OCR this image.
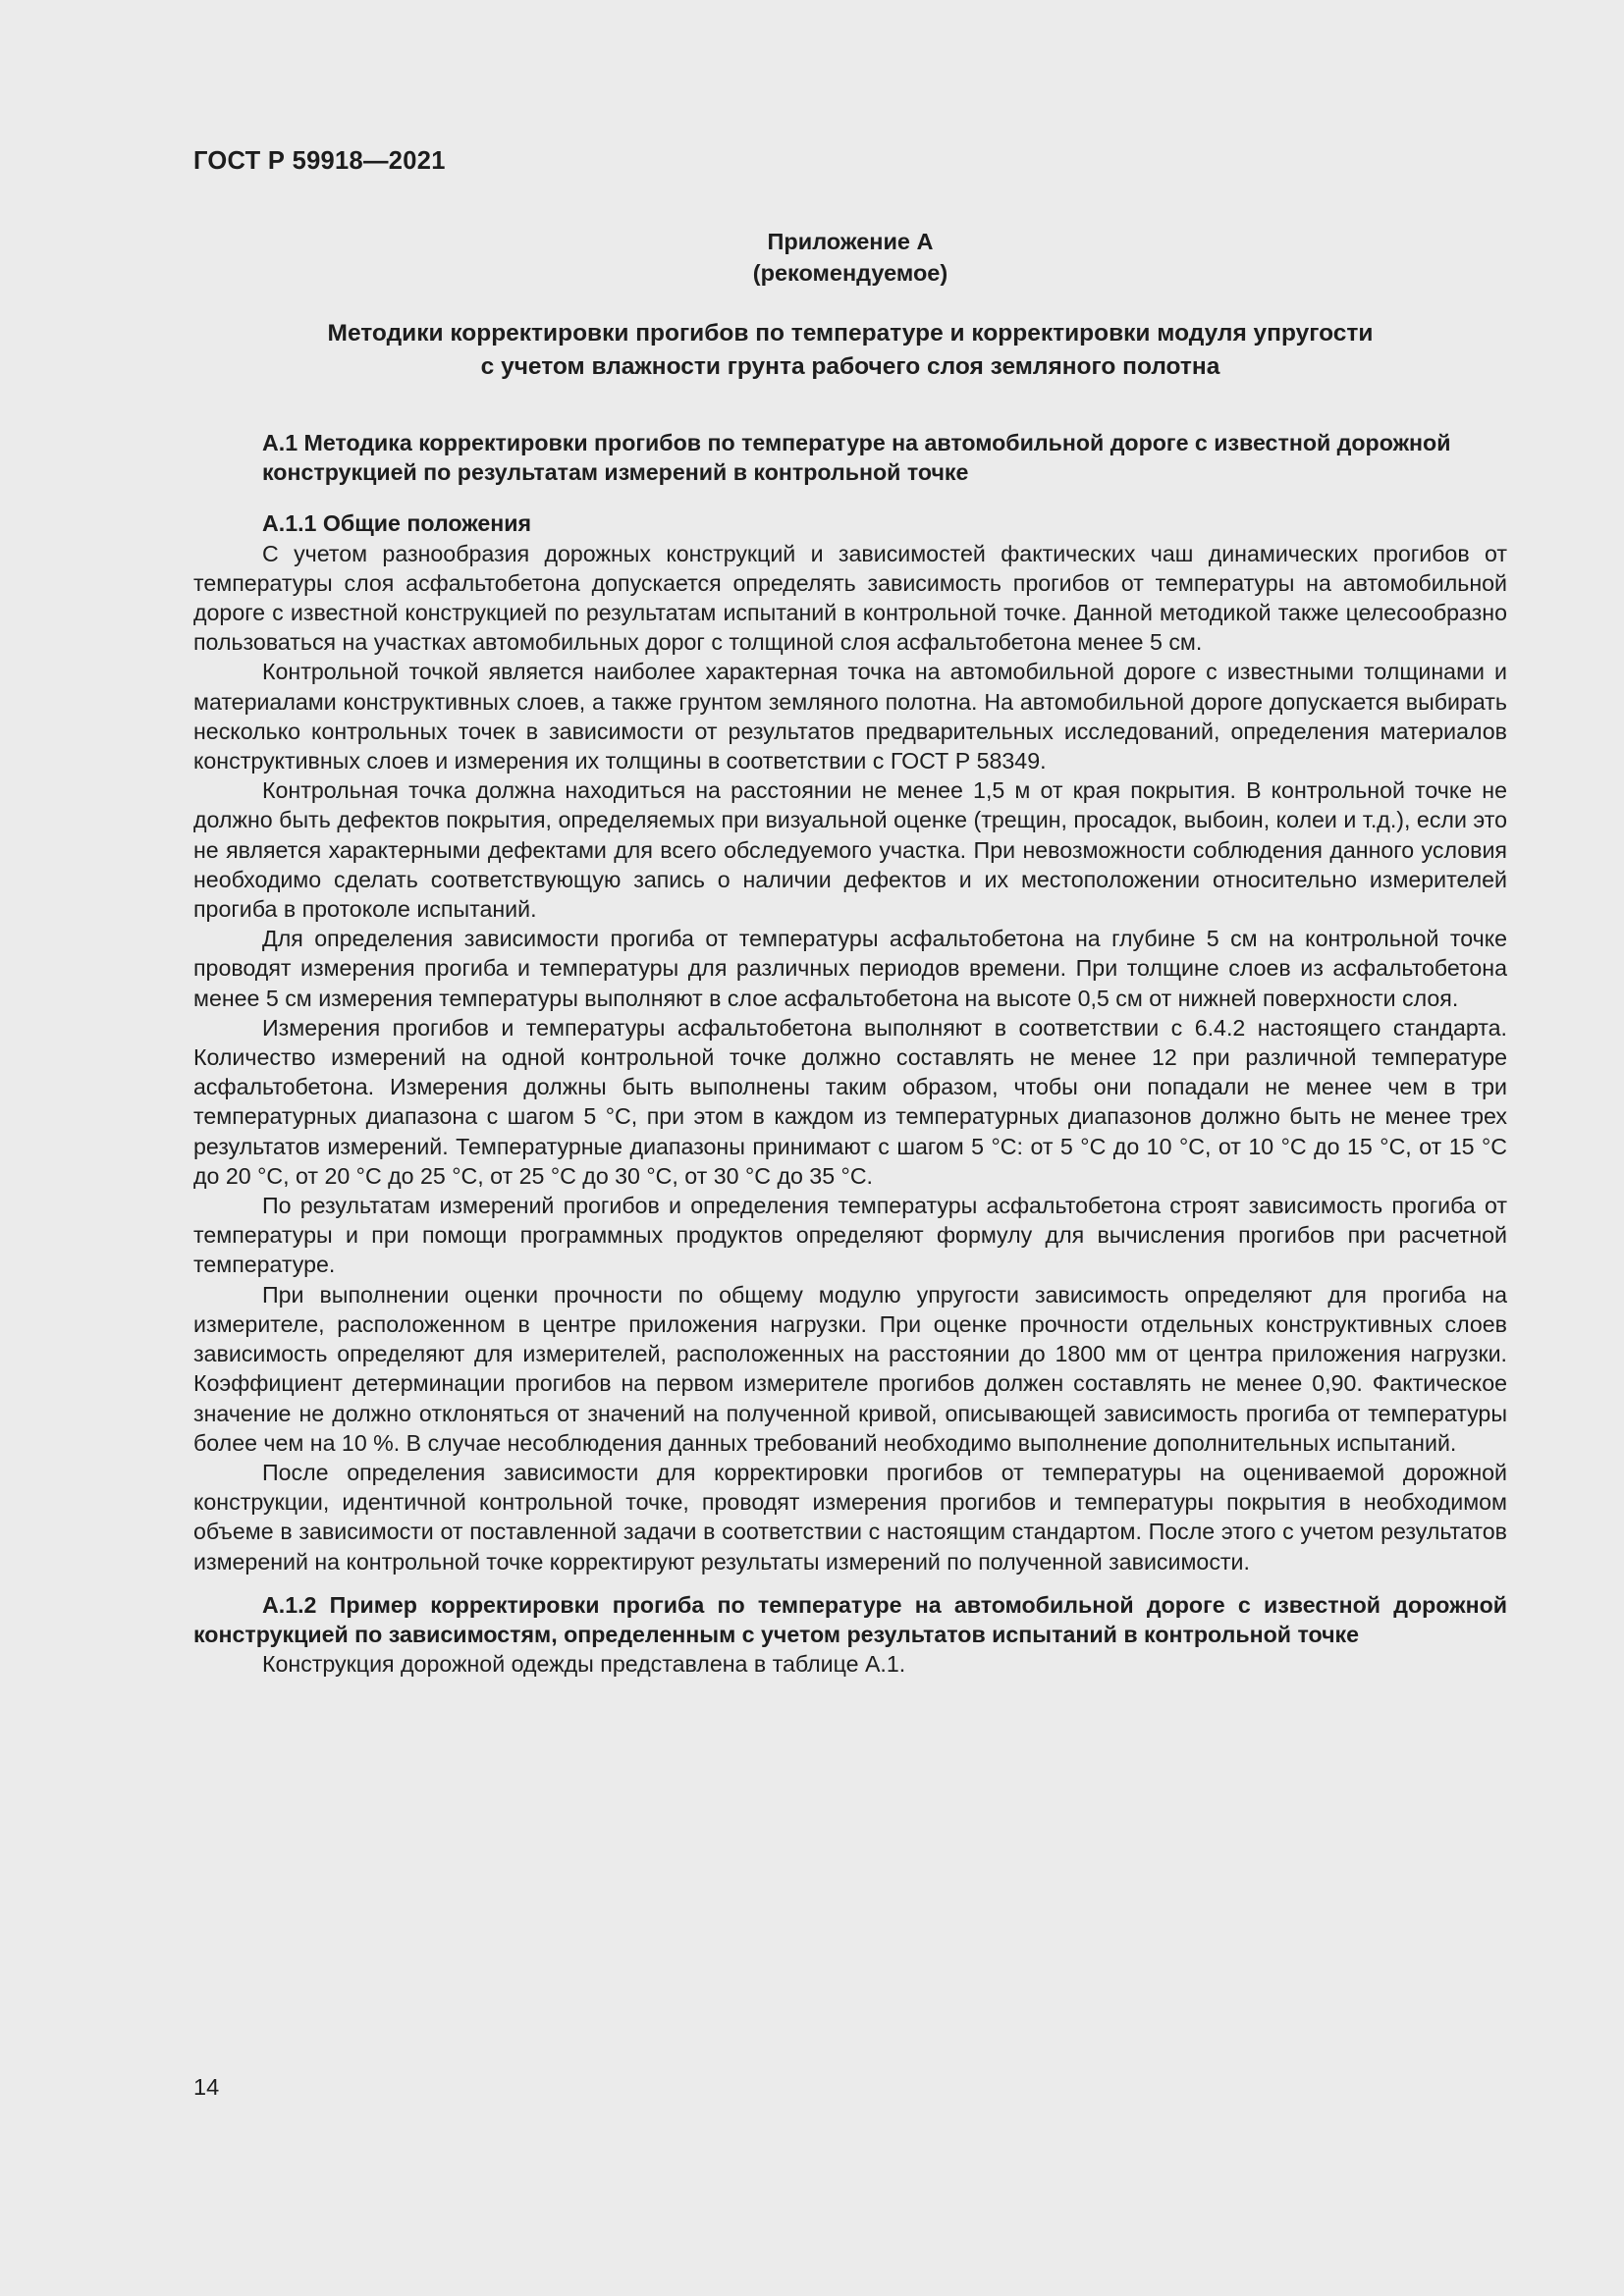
ГОСТ Р 59918—2021
Приложение А
(рекомендуемое)
Методики корректировки прогибов по температуре и корректировки модуля упругости
с учетом влажности грунта рабочего слоя земляного полотна

А.1 Методика корректировки прогибов по температуре на автомобильной дороге с известной дорожной конструкцией по результатам измерений в контрольной точке

А.1.1 Общие положения

С учетом разнообразия дорожных конструкций и зависимостей фактических чаш динамических прогибов от температуры слоя асфальтобетона допускается определять зависимость прогибов от температуры на автомобильной дороге с известной конструкцией по результатам испытаний в контрольной точке. Данной методикой также целесообразно пользоваться на участках автомобильных дорог с толщиной слоя асфальтобетона менее 5 см.

Контрольной точкой является наиболее характерная точка на автомобильной дороге с известными толщинами и материалами конструктивных слоев, а также грунтом земляного полотна. На автомобильной дороге допускается выбирать несколько контрольных точек в зависимости от результатов предварительных исследований, определения материалов конструктивных слоев и измерения их толщины в соответствии с ГОСТ Р 58349.

Контрольная точка должна находиться на расстоянии не менее 1,5 м от края покрытия. В контрольной точке не должно быть дефектов покрытия, определяемых при визуальной оценке (трещин, просадок, выбоин, колеи и т.д.), если это не является характерными дефектами для всего обследуемого участка. При невозможности соблюдения данного условия необходимо сделать соответствующую запись о наличии дефектов и их местоположении относительно измерителей прогиба в протоколе испытаний.

Для определения зависимости прогиба от температуры асфальтобетона на глубине 5 см на контрольной точке проводят измерения прогиба и температуры для различных периодов времени. При толщине слоев из асфальтобетона менее 5 см измерения температуры выполняют в слое асфальтобетона на высоте 0,5 см от нижней поверхности слоя.

Измерения прогибов и температуры асфальтобетона выполняют в соответствии с 6.4.2 настоящего стандарта. Количество измерений на одной контрольной точке должно составлять не менее 12 при различной температуре асфальтобетона. Измерения должны быть выполнены таким образом, чтобы они попадали не менее чем в три температурных диапазона с шагом 5 °С, при этом в каждом из температурных диапазонов должно быть не менее трех результатов измерений. Температурные диапазоны принимают с шагом 5 °С: от 5 °С до 10 °С, от 10 °С до 15 °С, от 15 °С до 20 °С, от 20 °С до 25 °С, от 25 °С до 30 °С, от 30 °С до 35 °С.

По результатам измерений прогибов и определения температуры асфальтобетона строят зависимость прогиба от температуры и при помощи программных продуктов определяют формулу для вычисления прогибов при расчетной температуре.

При выполнении оценки прочности по общему модулю упругости зависимость определяют для прогиба на измерителе, расположенном в центре приложения нагрузки. При оценке прочности отдельных конструктивных слоев зависимость определяют для измерителей, расположенных на расстоянии до 1800 мм от центра приложения нагрузки. Коэффициент детерминации прогибов на первом измерителе прогибов должен составлять не менее 0,90. Фактическое значение не должно отклоняться от значений на полученной кривой, описывающей зависимость прогиба от температуры более чем на 10 %. В случае несоблюдения данных требований необходимо выполнение дополнительных испытаний.

После определения зависимости для корректировки прогибов от температуры на оцениваемой дорожной конструкции, идентичной контрольной точке, проводят измерения прогибов и температуры покрытия в необходимом объеме в зависимости от поставленной задачи в соответствии с настоящим стандартом. После этого с учетом результатов измерений на контрольной точке корректируют результаты измерений по полученной зависимости.

А.1.2 Пример корректировки прогиба по температуре на автомобильной дороге с известной дорожной конструкцией по зависимостям, определенным с учетом результатов испытаний в контрольной точке

Конструкция дорожной одежды представлена в таблице А.1.

14
